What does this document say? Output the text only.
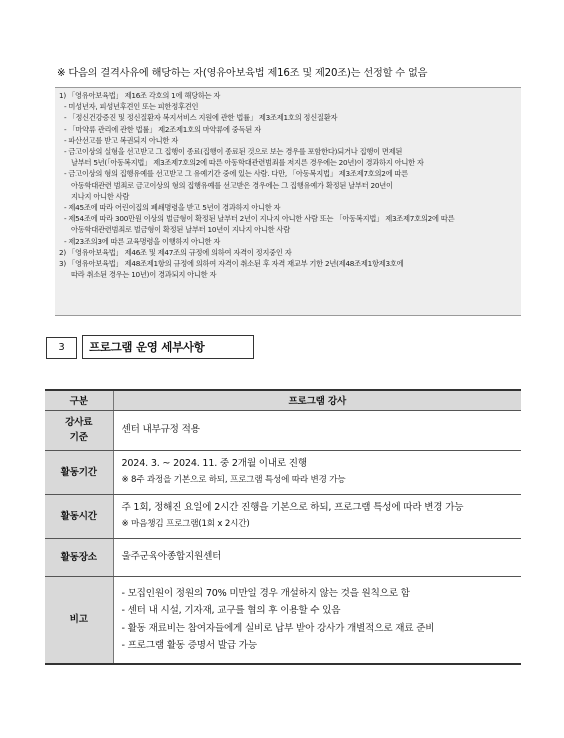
※ 다음의 결격사유에 해당하는 자(영유아보육법 제16조 및 제20조)는 선정할 수 없음
1) 「영유아보육법」 제16조 각호의 1에 해당하는 자
- 미성년자, 피성년후견인 또는 피한정후견인
- 「정신건강증진 및 정신질환자 복지서비스 지원에 관한 법률」 제3조제1호의 정신질환자
- 「마약류 관리에 관한 법률」 제2조제1호의 마약류에 중독된 자
- 파산선고를 받고 복권되지 아니한 자
- 금고이상의 실형을 선고받고 그 집행이 종료(집행이 종료된 것으로 보는 경우를 포함한다)되거나 집행이 면제된
날부터 5년(「아동복지법」 제3조제7호의2에 따른 아동학대관련범죄를 저지른 경우에는 20년)이 경과하지 아니한 자
- 금고이상의 형의 집행유예를 선고받고 그 유예기간 중에 있는 사람. 다만, 「아동복지법」 제3조제7호의2에 따른
아동학대관련 범죄로 금고이상의 형의 집행유예를 선고받은 경우에는 그 집행유예가 확정된 날부터 20년이
지나지 아니한 사람
- 제45조에 따라 어린이집의 폐쇄명령을 받고 5년이 경과하지 아니한 자
- 제54조에 따라 300만원 이상의 벌금형이 확정된 날부터 2년이 지나지 아니한 사람 또는 「아동복지법」 제3조제7호의2에 따른
아동학대관련범죄로 벌금형이 확정된 날부터 10년이 지나지 아니한 사람
- 제23조의3에 따른 교육명령을 이행하지 아니한 자
2) 「영유아보육법」 제46조 및 제47조의 규정에 의하여 자격이 정지중인 자
3) 「영유아보육법」 제48조제1항의 규정에 의하여 자격이 취소된 후 자격 재교부 기한 2년(제48조제1항제3호에
따라 취소된 경우는 10년)이 경과되지 아니한 자
3	프로그램 운영 세부사항
구분	프로그램 강사

강사료
기준	센터 내부규정 적용
활동기간	2024. 3. ~ 2024. 11. 중 2개월 이내로 진행
※ 8주 과정을 기본으로 하되, 프로그램 특성에 따라 변경 가능

활동시간	주 1회, 정해진 요일에 2시간 진행을 기본으로 하되, 프로그램 특성에 따라 변경 가능
※ 마음챙김 프로그램(1회 x 2시간)

활동장소	울주군육아종합지원센터
비고	- 모집인원이 정원의 70% 미만일 경우 개설하지 않는 것을 원칙으로 함
- 센터 내 시설, 기자재, 교구를 협의 후 이용할 수 있음
- 활동 재료비는 참여자들에게 실비로 납부 받아 강사가 개별적으로 재료 준비
- 프로그램 활동 증명서 발급 가능
